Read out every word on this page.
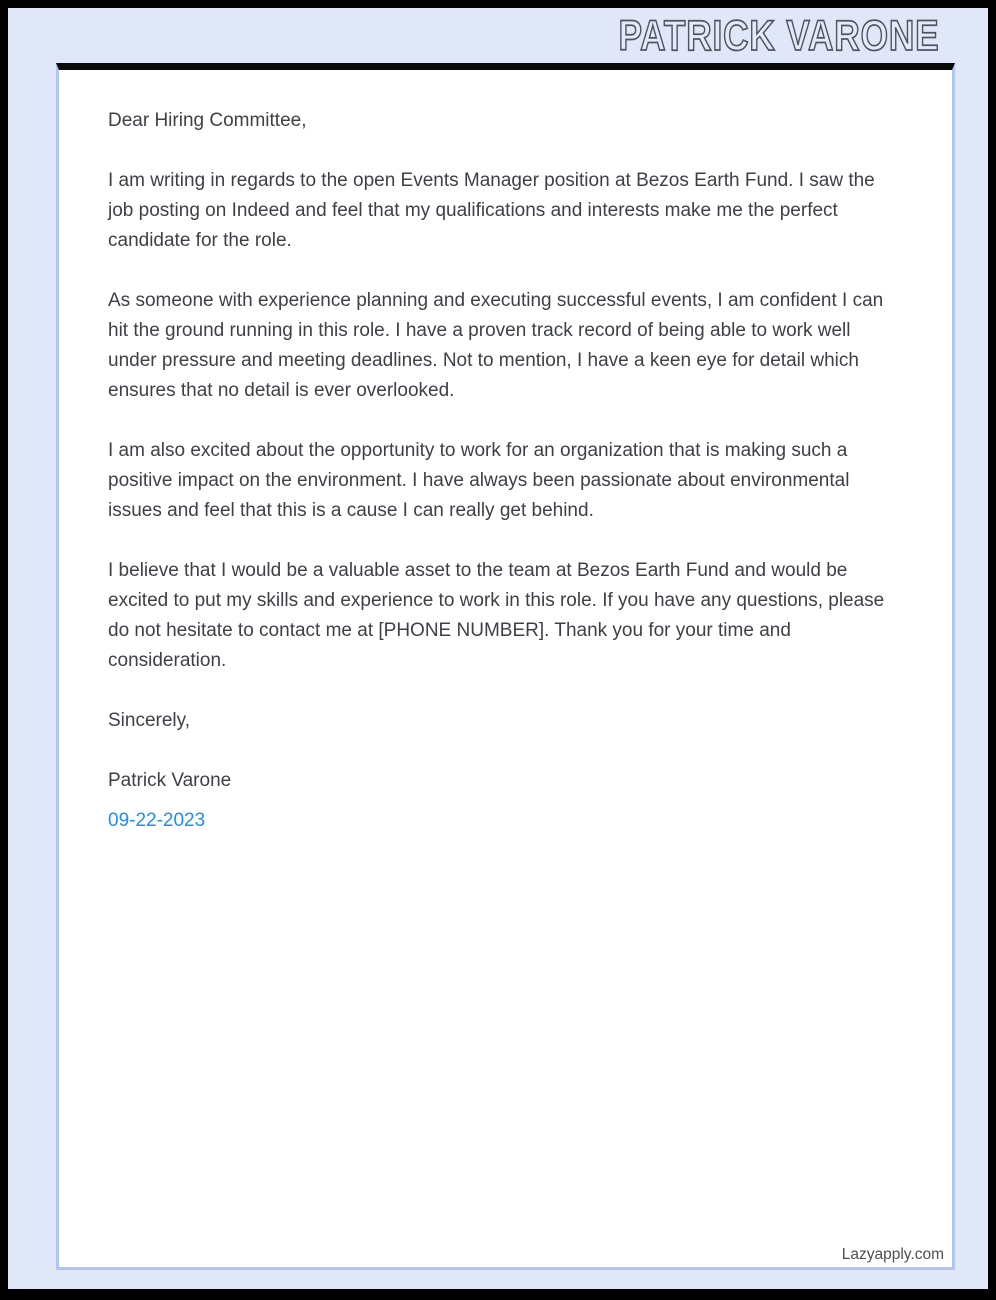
PATRICK VARONE

Dear Hiring Committee,

I am writing in regards to the open Events Manager position at Bezos Earth Fund. I saw the job posting on Indeed and feel that my qualifications and interests make me the perfect candidate for the role.

As someone with experience planning and executing successful events, I am confident I can hit the ground running in this role. I have a proven track record of being able to work well under pressure and meeting deadlines. Not to mention, I have a keen eye for detail which ensures that no detail is ever overlooked.

I am also excited about the opportunity to work for an organization that is making such a positive impact on the environment. I have always been passionate about environmental issues and feel that this is a cause I can really get behind.

I believe that I would be a valuable asset to the team at Bezos Earth Fund and would be excited to put my skills and experience to work in this role. If you have any questions, please do not hesitate to contact me at [PHONE NUMBER]. Thank you for your time and consideration.

Sincerely,

Patrick Varone

09-22-2023

Lazyapply.com
